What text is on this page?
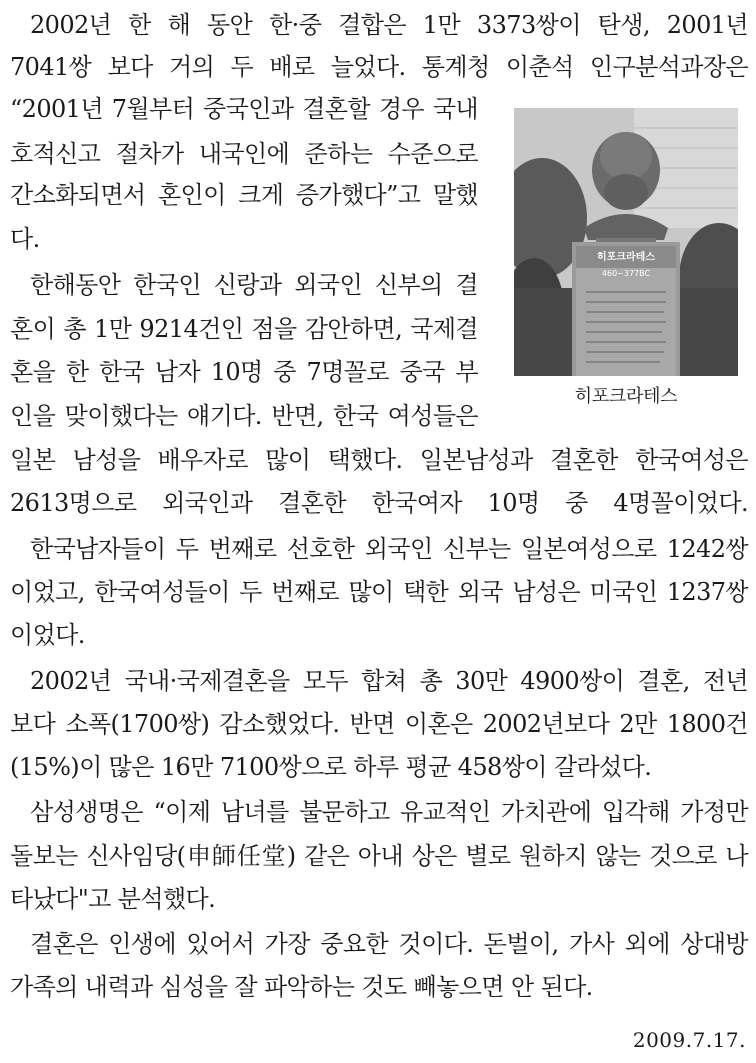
2002년 한 해 동안 한·중 결합은 1만 3373쌍이 탄생, 2001년
7041쌍 보다 거의 두 배로 늘었다. 통계청 이춘석 인구분석과장은
“2001년 7월부터 중국인과 결혼할 경우 국내
호적신고 절차가 내국인에 준하는 수준으로
간소화되면서 혼인이 크게 증가했다”고 말했
다.
한해동안 한국인 신랑과 외국인 신부의 결
혼이 총 1만 9214건인 점을 감안하면, 국제결
혼을 한 한국 남자 10명 중 7명꼴로 중국 부
인을 맞이했다는 얘기다. 반면, 한국 여성들은
일본 남성을 배우자로 많이 택했다. 일본남성과 결혼한 한국여성은
2613명으로 외국인과 결혼한 한국여자 10명 중 4명꼴이었다.
한국남자들이 두 번째로 선호한 외국인 신부는 일본여성으로 1242쌍
이었고, 한국여성들이 두 번째로 많이 택한 외국 남성은 미국인 1237쌍
이었다.
2002년 국내·국제결혼을 모두 합쳐 총 30만 4900쌍이 결혼, 전년
보다 소폭(1700쌍) 감소했었다. 반면 이혼은 2002년보다 2만 1800건
(15%)이 많은 16만 7100쌍으로 하루 평균 458쌍이 갈라섰다.
삼성생명은 “이제 남녀를 불문하고 유교적인 가치관에 입각해 가정만
돌보는 신사임당(申師任堂) 같은 아내 상은 별로 원하지 않는 것으로 나
타났다"고 분석했다.
결혼은 인생에 있어서 가장 중요한 것이다. 돈벌이, 가사 외에 상대방
가족의 내력과 심성을 잘 파악하는 것도 빼놓으면 안 된다.
히포크라테스
460~377BC
히포크라테스
2009.7.17.
